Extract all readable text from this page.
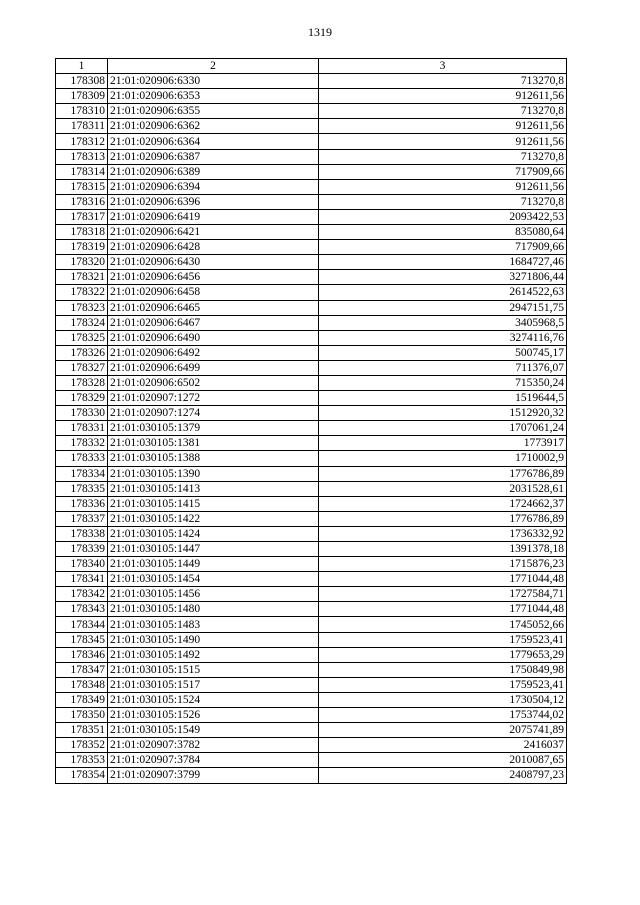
1319
1	2	3
178308	21:01:020906:6330	713270,8
178309	21:01:020906:6353	912611,56
178310	21:01:020906:6355	713270,8
178311	21:01:020906:6362	912611,56
178312	21:01:020906:6364	912611,56
178313	21:01:020906:6387	713270,8
178314	21:01:020906:6389	717909,66
178315	21:01:020906:6394	912611,56
178316	21:01:020906:6396	713270,8
178317	21:01:020906:6419	2093422,53
178318	21:01:020906:6421	835080,64
178319	21:01:020906:6428	717909,66
178320	21:01:020906:6430	1684727,46
178321	21:01:020906:6456	3271806,44
178322	21:01:020906:6458	2614522,63
178323	21:01:020906:6465	2947151,75
178324	21:01:020906:6467	3405968,5
178325	21:01:020906:6490	3274116,76
178326	21:01:020906:6492	500745,17
178327	21:01:020906:6499	711376,07
178328	21:01:020906:6502	715350,24
178329	21:01:020907:1272	1519644,5
178330	21:01:020907:1274	1512920,32
178331	21:01:030105:1379	1707061,24
178332	21:01:030105:1381	1773917
178333	21:01:030105:1388	1710002,9
178334	21:01:030105:1390	1776786,89
178335	21:01:030105:1413	2031528,61
178336	21:01:030105:1415	1724662,37
178337	21:01:030105:1422	1776786,89
178338	21:01:030105:1424	1736332,92
178339	21:01:030105:1447	1391378,18
178340	21:01:030105:1449	1715876,23
178341	21:01:030105:1454	1771044,48
178342	21:01:030105:1456	1727584,71
178343	21:01:030105:1480	1771044,48
178344	21:01:030105:1483	1745052,66
178345	21:01:030105:1490	1759523,41
178346	21:01:030105:1492	1779653,29
178347	21:01:030105:1515	1750849,98
178348	21:01:030105:1517	1759523,41
178349	21:01:030105:1524	1730504,12
178350	21:01:030105:1526	1753744,02
178351	21:01:030105:1549	2075741,89
178352	21:01:020907:3782	2416037
178353	21:01:020907:3784	2010087,65
178354	21:01:020907:3799	2408797,23
